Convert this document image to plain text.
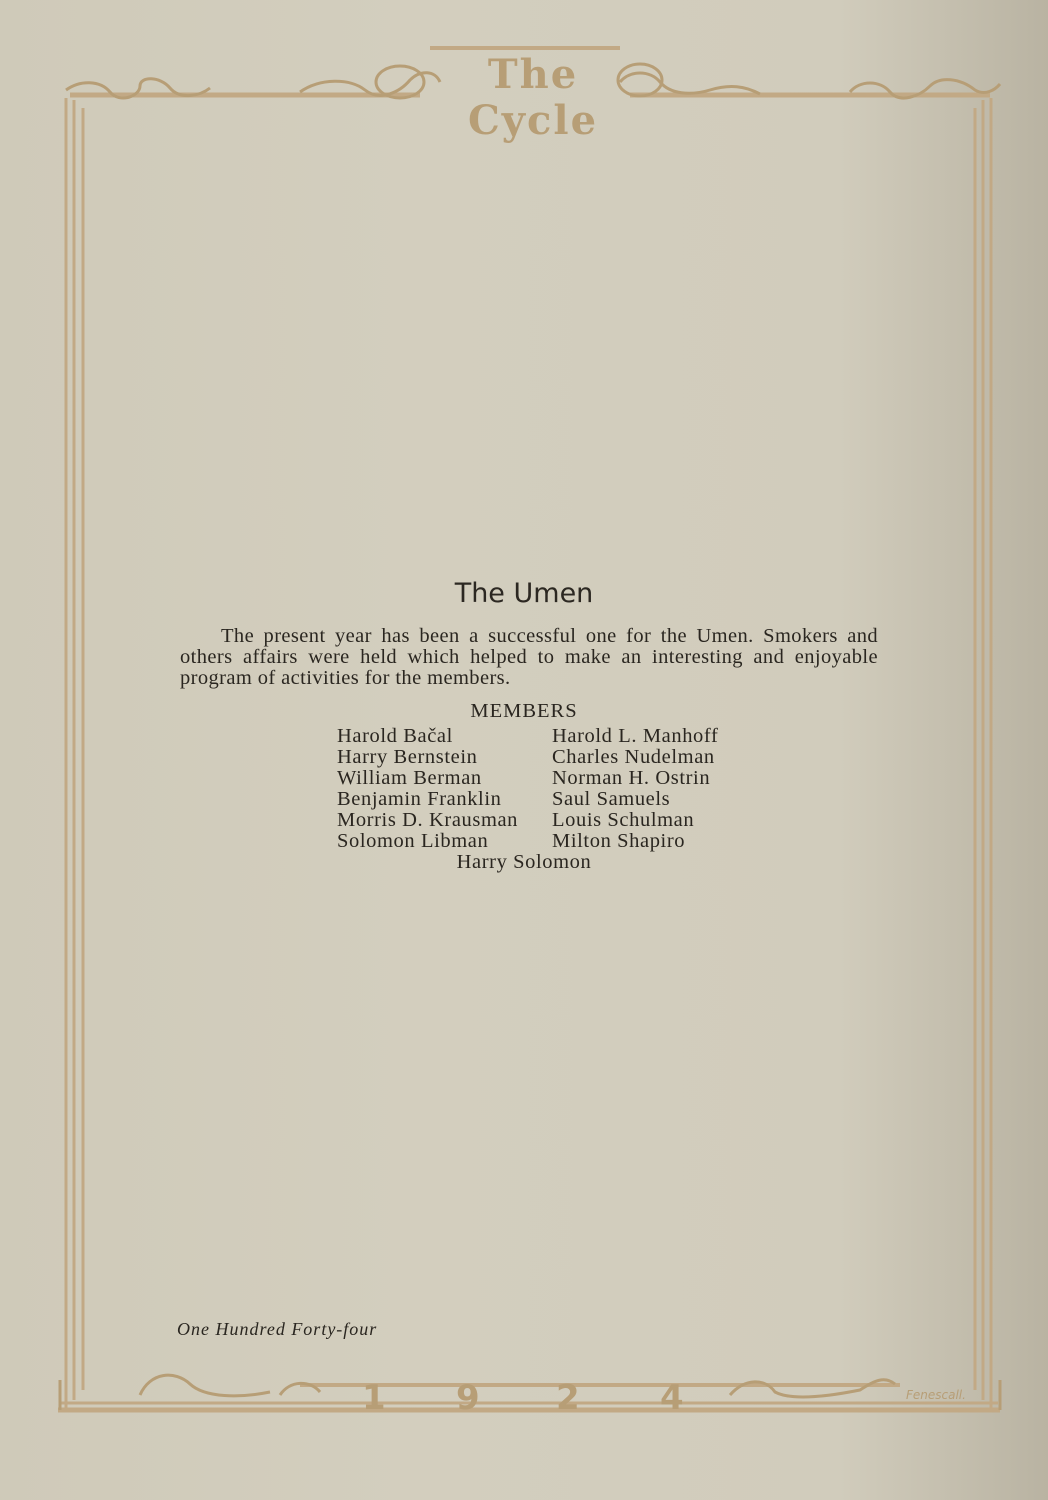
The Cycle
The Umen

The present year has been a successful one for the Umen. Smokers and others affairs were held which helped to make an interesting and enjoyable program of activities for the members.

MEMBERS
Harold Bačal
Harry Bernstein
William Berman
Benjamin Franklin
Morris D. Krausman
Solomon Libman
Harold L. Manhoff
Charles Nudelman
Norman H. Ostrin
Saul Samuels
Louis Schulman
Milton Shapiro
Harry Solomon
One Hundred Forty-four
1 9 2 4	Fenescall.
